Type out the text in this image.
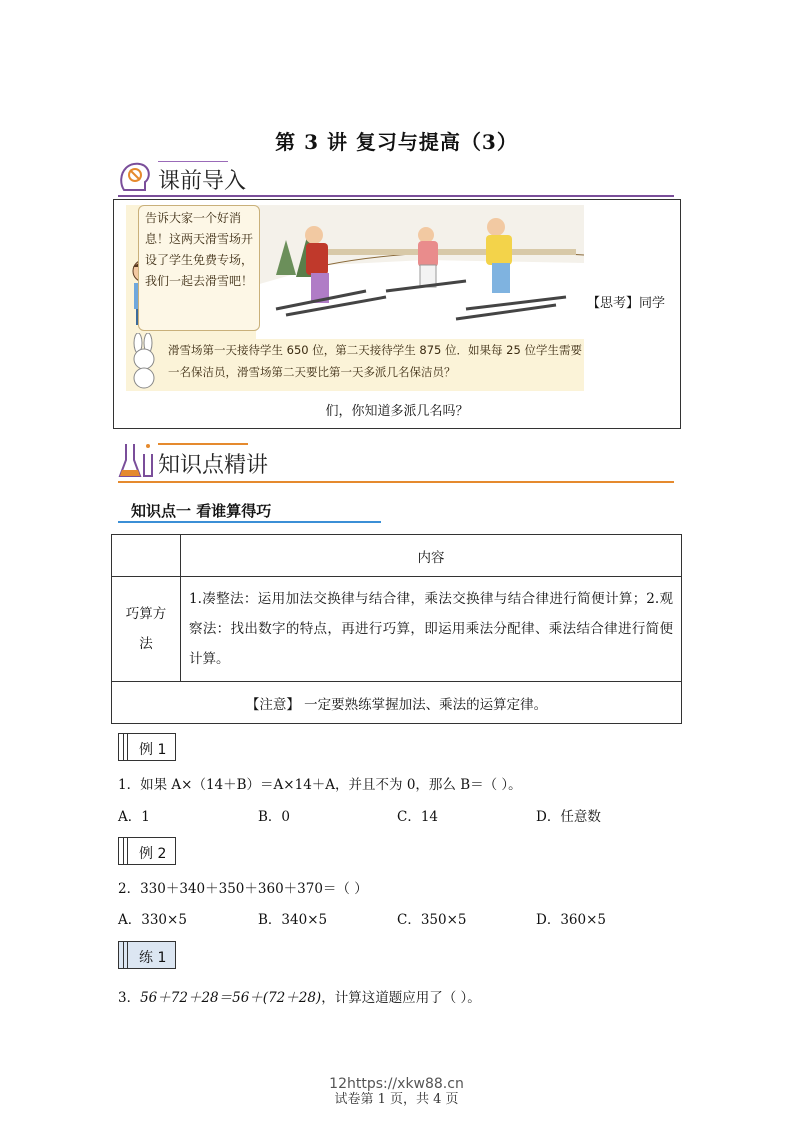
第 3 讲 复习与提高（3）
课前导入
告诉大家一个好消息！这两天滑雪场开设了学生免费专场，我们一起去滑雪吧！
滑雪场第一天接待学生 650 位，第二天接待学生 875 位．如果每 25 位学生需要一名保洁员，滑雪场第二天要比第一天多派几名保洁员？
【思考】同学
们，你知道多派几名吗？
知识点精讲
知识点一 看谁算得巧
	内容
巧算方法	1.凑整法：运用加法交换律与结合律，乘法交换律与结合律进行简便计算；2.观察法：找出数字的特点，再进行巧算，即运用乘法分配律、乘法结合律进行简便计算。
【注意】 一定要熟练掌握加法、乘法的运算定律。	
例 1
1．如果 A×（14＋B）＝A×14＋A，并且不为 0，那么 B＝（ ）。
A．1	B．0	C．14	D．任意数
例 2
2．330＋340＋350＋360＋370＝（ ）
A．330×5	B．340×5	C．350×5	D．360×5
练 1
3．56＋72＋28＝56＋(72＋28)，计算这道题应用了（ ）。
12https://xkw88.cn
试卷第 1 页，共 4 页
